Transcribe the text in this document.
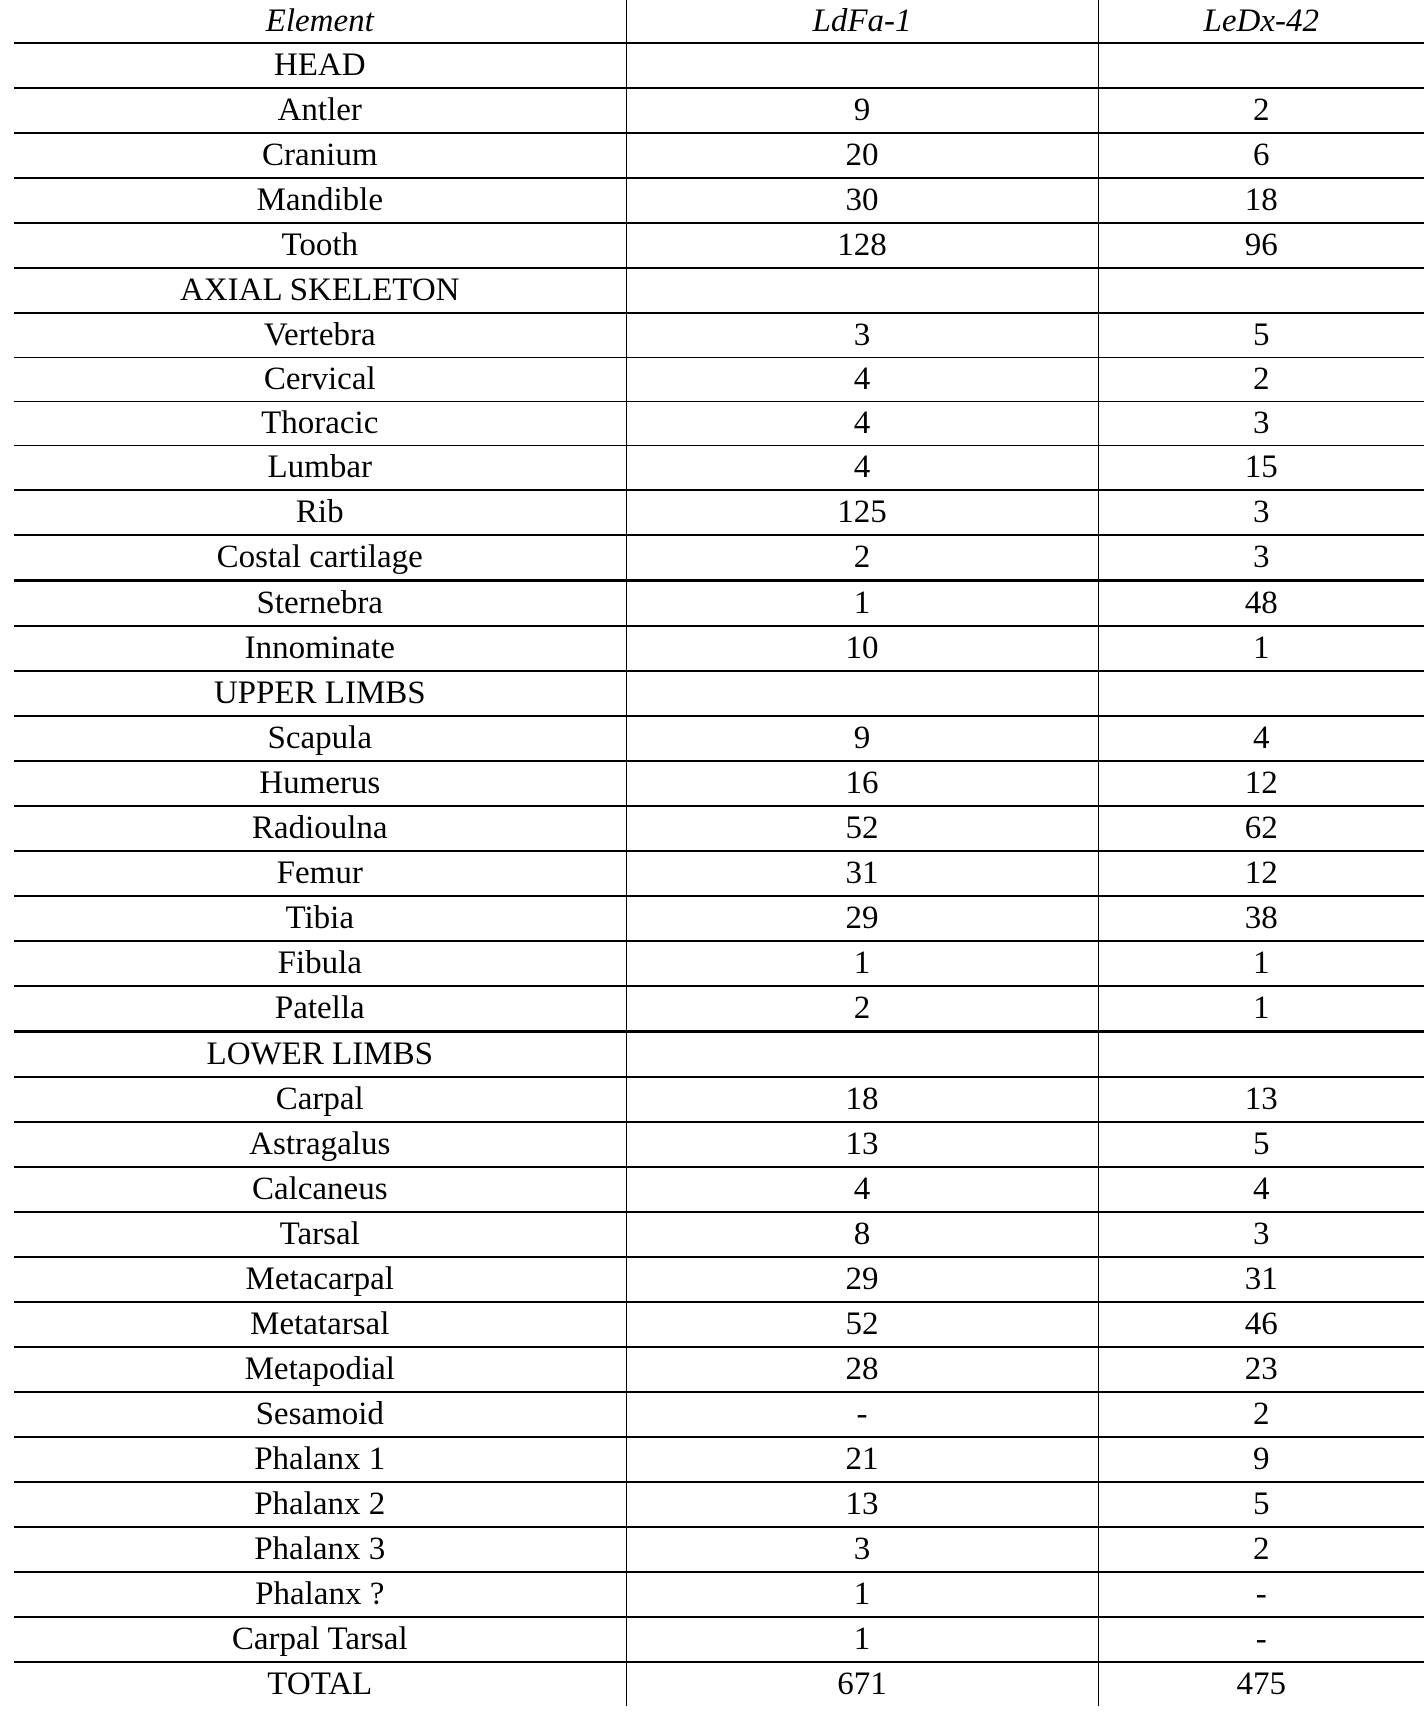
Element	LdFa-1	LeDx-42
HEAD		
Antler	9	2
Cranium	20	6
Mandible	30	18
Tooth	128	96
AXIAL SKELETON		
Vertebra	3	5
Cervical	4	2
Thoracic	4	3
Lumbar	4	15
Rib	125	3
Costal cartilage	2	3
Sternebra	1	48
Innominate	10	1
UPPER LIMBS		
Scapula	9	4
Humerus	16	12
Radioulna	52	62
Femur	31	12
Tibia	29	38
Fibula	1	1
Patella	2	1
LOWER LIMBS		
Carpal	18	13
Astragalus	13	5
Calcaneus	4	4
Tarsal	8	3
Metacarpal	29	31
Metatarsal	52	46
Metapodial	28	23
Sesamoid	-	2
Phalanx 1	21	9
Phalanx 2	13	5
Phalanx 3	3	2
Phalanx ?	1	-
Carpal Tarsal	1	-
TOTAL	671	475
